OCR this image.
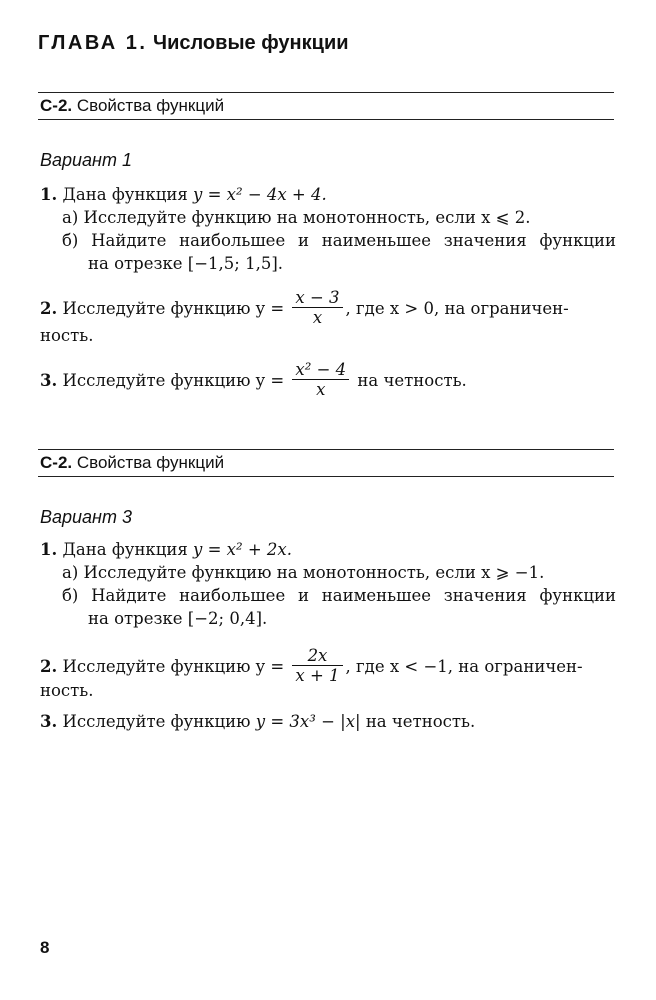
ГЛАВА 1. Числовые функции
С-2. Свойства функций
Вариант 1
1. Дана функция y = x² − 4x + 4.
а) Исследуйте функцию на монотонность, если x ⩽ 2.
б) Найдите наибольшее и наименьшее значения функции
на отрезке [−1,5; 1,5].
2. Исследуйте функцию $y = \frac{x - 3}{x}$ , где x > 0, на ограничен-
ность.
3. Исследуйте функцию $y = \frac{\text{x² − 4}}{x}$ на четность.
С-2. Свойства функций
Вариант 3
1. Дана функция y = x² + 2x.
а) Исследуйте функцию на монотонность, если x ⩾ −1.
б) Найдите наибольшее и наименьшее значения функции
на отрезке [−2; 0,4].
2. Исследуйте функцию $y = \frac{2x}{x + 1}$ , где x < −1, на ограничен-
ность.
3. Исследуйте функцию y = 3x³ − |x| на четность.
8
